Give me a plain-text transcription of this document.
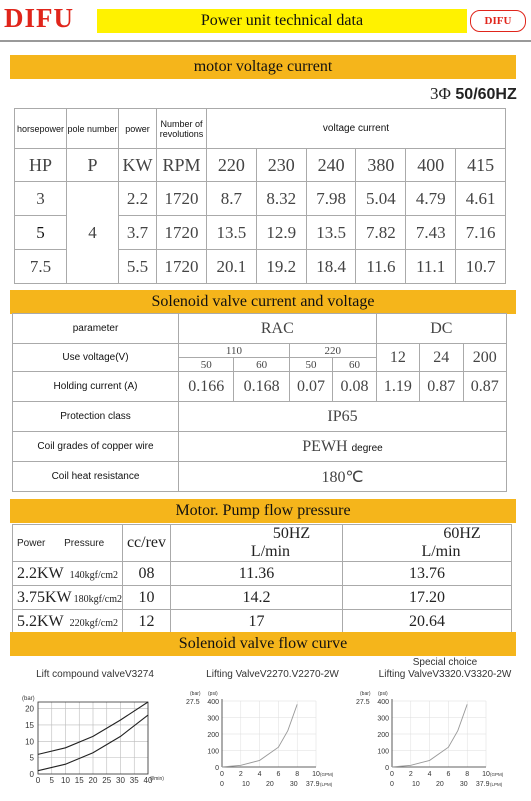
DIFU	Power unit technical data	DIFU
motor voltage current
3Φ 50/60HZ
horsepower	pole number	power	Number of revolutions	voltage current					
HP	P	KW	RPM	220	230	240	380	400	415
3	4	2.2	1720	8.7	8.32	7.98	5.04	4.79	4.61
5		3.7	1720	13.5	12.9	13.5	7.82	7.43	7.16
7.5		5.5	1720	20.1	19.2	18.4	11.6	11.1	10.7
Solenoid valve current and voltage
parameter	RAC				DC		
Use voltage(V)	110		220		12	24	200
	50	60	50	60			
Holding current (A)	0.166	0.168	0.07	0.08	1.19	0.87	0.87
Protection class	IP65						
Coil grades of copper wire	PEWH degree						
Coil heat resistance	180℃						
Motor. Pump flow pressure
Power Pressure	cc/rev	50HZ L/min	60HZ L/min
2.2KW 140kgf/cm2	08	11.36	13.76
3.75KW 180kgf/cm2	10	14.2	17.20
5.2KW 220kgf/cm2	12	17	20.64
Solenoid valve flow curve
Lift compound valveV3274	Lifting ValveV2270.V2270-2W
Special choice
Lifting ValveV3320.V3320-2W
(bar)
0
5
10
15
20
0 5 10 15 20 25 30 35 40
(l/min)
(bar) (psi)
27.5
0
100
200
300
400
0 2 4 6 8 10 (GPM)
0	10 20 30 37.9 (LPM)
(bar) (psi)
27.5
0
100
200
300
400
0 2 4 6 8 10 (GPM)
0	10 20 30 37.9 (LPM)
